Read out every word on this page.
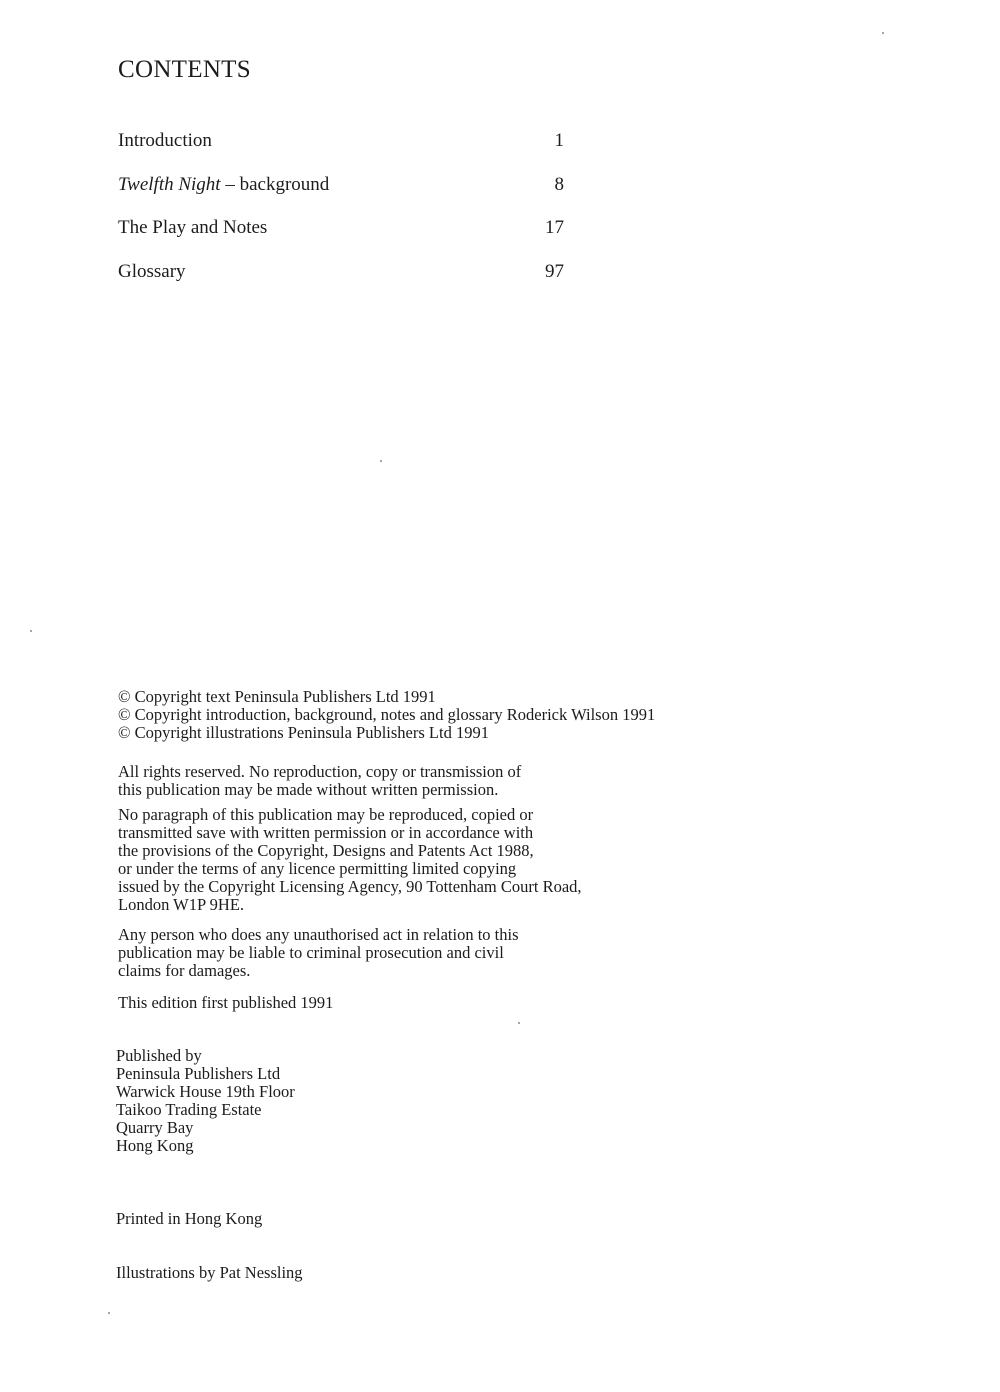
CONTENTS
Introduction	1
Twelfth Night – background	8
The Play and Notes	17
Glossary	97
© Copyright text Peninsula Publishers Ltd 1991
© Copyright introduction, background, notes and glossary Roderick Wilson 1991
© Copyright illustrations Peninsula Publishers Ltd 1991
All rights reserved. No reproduction, copy or transmission of
this publication may be made without written permission.
No paragraph of this publication may be reproduced, copied or
transmitted save with written permission or in accordance with
the provisions of the Copyright, Designs and Patents Act 1988,
or under the terms of any licence permitting limited copying
issued by the Copyright Licensing Agency, 90 Tottenham Court Road,
London W1P 9HE.
Any person who does any unauthorised act in relation to this
publication may be liable to criminal prosecution and civil
claims for damages.
This edition first published 1991
Published by
Peninsula Publishers Ltd
Warwick House 19th Floor
Taikoo Trading Estate
Quarry Bay
Hong Kong
Printed in Hong Kong
Illustrations by Pat Nessling
